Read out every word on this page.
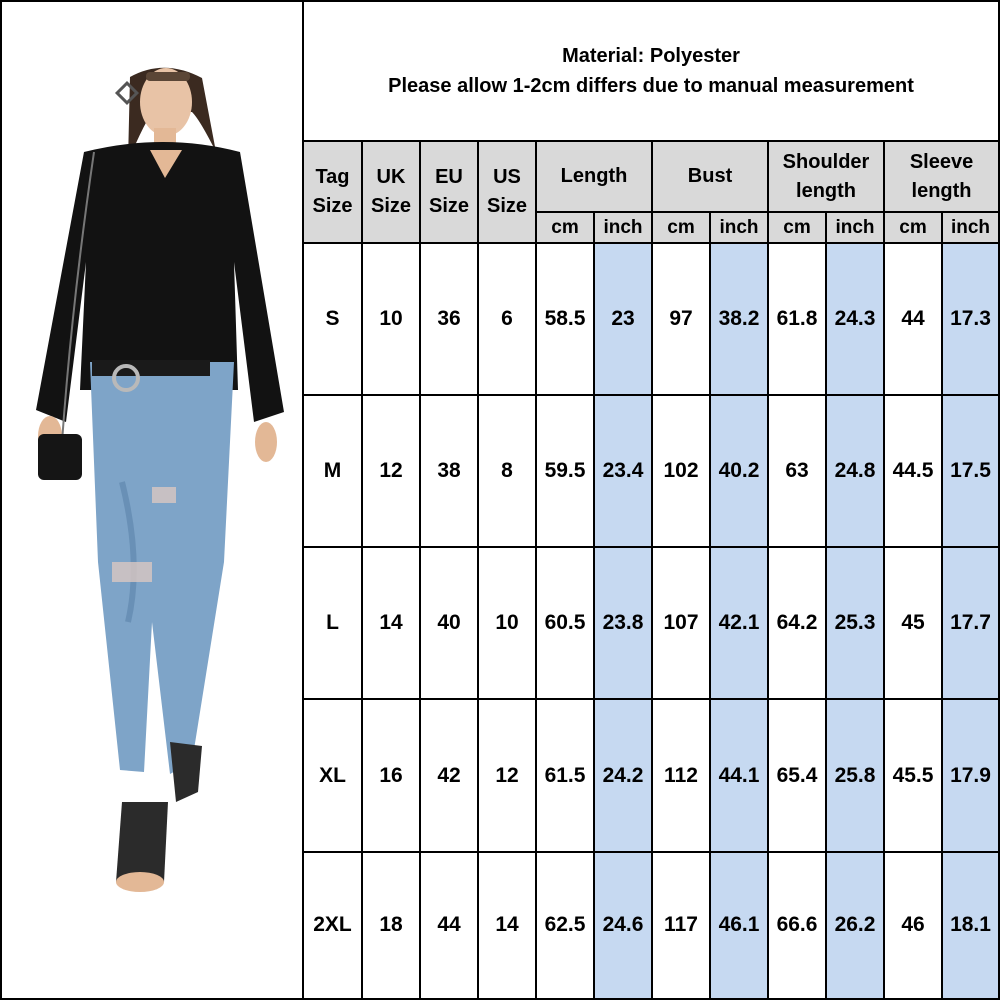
Material: Polyester
Please allow 1-2cm differs due to manual measurement
Tag Size	UK Size	EU Size	US Size	Length		Bust		Shoulder length		Sleeve length	
				cm	inch	cm	inch	cm	inch	cm	inch
S	10	36	6	58.5	23	97	38.2	61.8	24.3	44	17.3
M	12	38	8	59.5	23.4	102	40.2	63	24.8	44.5	17.5
L	14	40	10	60.5	23.8	107	42.1	64.2	25.3	45	17.7
XL	16	42	12	61.5	24.2	112	44.1	65.4	25.8	45.5	17.9
2XL	18	44	14	62.5	24.6	117	46.1	66.6	26.2	46	18.1
